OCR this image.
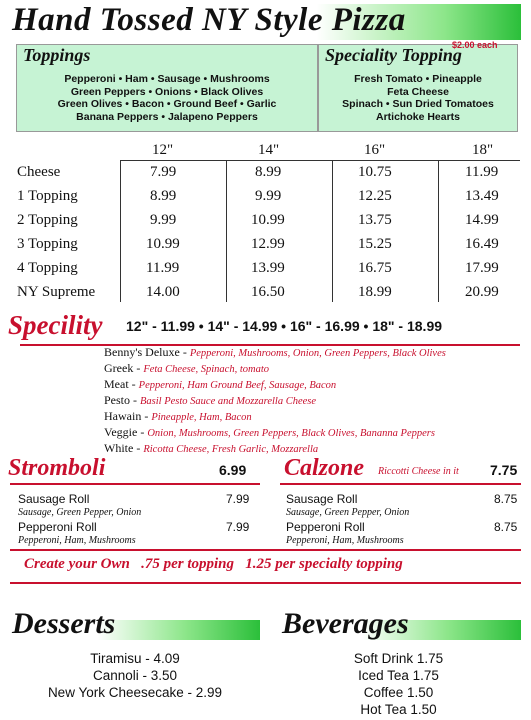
Hand Tossed NY Style Pizza
Toppings
Pepperoni • Ham • Sausage • Mushrooms
Green Peppers • Onions • Black Olives
Green Olives • Bacon • Ground Beef • Garlic
Banana Peppers • Jalapeno Peppers
Speciality Topping
Fresh Tomato • Pineapple
Feta Cheese
Spinach • Sun Dried Tomatoes
Artichoke Hearts
$2.00 each
12"	14"	16"	18"
Cheese	7.99	8.99	10.75	11.99
1 Topping	8.99	9.99	12.25	13.49
2 Topping	9.99	10.99	13.75	14.99
3 Topping	10.99	12.99	15.25	16.49
4 Topping	11.99	13.99	16.75	17.99
NY Supreme	14.00	16.50	18.99	20.99
Specility 12" - 11.99 • 14" - 14.99 • 16" - 16.99 • 18" - 18.99
Benny's Deluxe - Pepperoni, Mushrooms, Onion, Green Peppers, Black Olives
Greek - Feta Cheese, Spinach, tomato
Meat - Pepperoni, Ham Ground Beef, Sausage, Bacon
Pesto - Basil Pesto Sauce and Mozzarella Cheese
Hawain - Pineapple, Ham, Bacon
Veggie - Onion, Mushrooms, Green Peppers, Black Olives, Bananna Peppers
White - Ricotta Cheese, Fresh Garlic, Mozzarella
Stromboli	6.99
Sausage Roll	7.99
Sausage, Green Pepper, Onion
Pepperoni Roll	7.99
Pepperoni, Ham, Mushrooms
Calzone Riccotti Cheese in it 7.75
Sausage Roll	8.75
Sausage, Green Pepper, Onion
Pepperoni Roll	8.75
Pepperoni, Ham, Mushrooms
Create your Own   .75 per topping   1.25 per specialty topping
Desserts
Tiramisu - 4.09
Cannoli - 3.50
New York Cheesecake - 2.99
Beverages
Soft Drink 1.75
Iced Tea 1.75
Coffee 1.50
Hot Tea 1.50
